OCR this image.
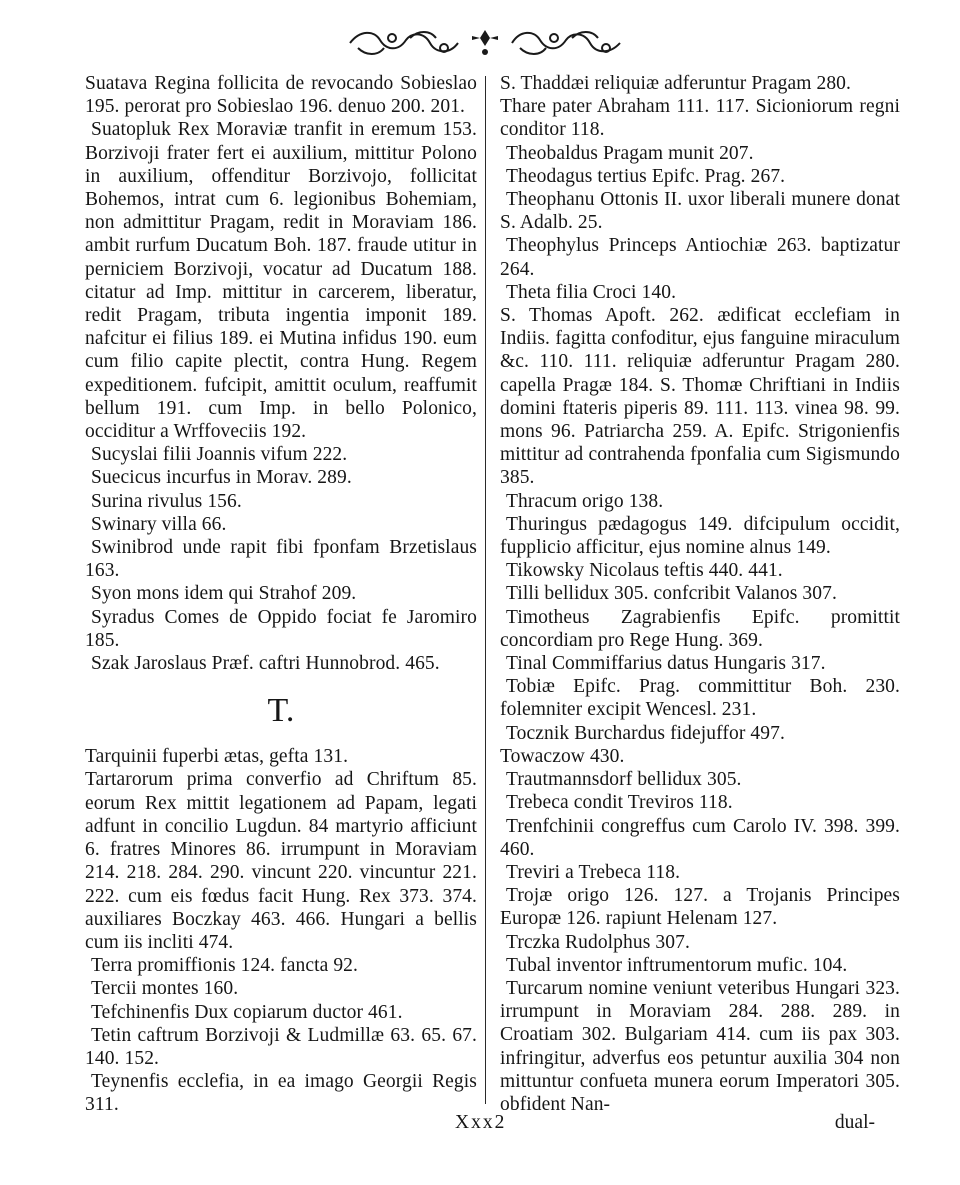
Suatava Regina follicita de revocando Sobieslao 195. perorat pro Sobieslao 196. denuo 200. 201.

Suatopluk Rex Moraviæ tranfit in eremum 153. Borzivoji frater fert ei auxilium, mittitur Polono in auxilium, offenditur Borzivojo, follicitat Bohemos, intrat cum 6. legionibus Bohemiam, non admittitur Pragam, redit in Moraviam 186. ambit rurfum Ducatum Boh. 187. fraude utitur in perniciem Borzivoji, vocatur ad Ducatum 188. citatur ad Imp. mittitur in carcerem, liberatur, redit Pragam, tributa ingentia imponit 189. nafcitur ei filius 189. ei Mutina infidus 190. eum cum filio capite plectit, contra Hung. Regem expeditionem. fufcipit, amittit oculum, reaffumit bellum 191. cum Imp. in bello Polonico, occiditur a Wrffoveciis 192.

Sucyslai filii Joannis vifum 222.

Suecicus incurfus in Morav. 289.

Surina rivulus 156.

Swinary villa 66.

Swinibrod unde rapit fibi fponfam Brzetislaus 163.

Syon mons idem qui Strahof 209.

Syradus Comes de Oppido fociat fe Jaromiro 185.

Szak Jaroslaus Præf. caftri Hunnobrod. 465.

T.

Tarquinii fuperbi ætas, gefta 131.

Tartarorum prima converfio ad Chriftum 85. eorum Rex mittit legationem ad Papam, legati adfunt in concilio Lugdun. 84 martyrio afficiunt 6. fratres Minores 86. irrumpunt in Moraviam 214. 218. 284. 290. vincunt 220. vincuntur 221. 222. cum eis fœdus facit Hung. Rex 373. 374. auxiliares Boczkay 463. 466. Hungari a bellis cum iis incliti 474.

Terra promiffionis 124. fancta 92.

Tercii montes 160.

Tefchinenfis Dux copiarum ductor 461.

Tetin caftrum Borzivoji & Ludmillæ 63. 65. 67. 140. 152.

Teynenfis ecclefia, in ea imago Georgii Regis 311.

S. Thaddæi reliquiæ adferuntur Pragam 280.

Thare pater Abraham 111. 117. Sicioniorum regni conditor 118.

Theobaldus Pragam munit 207.

Theodagus tertius Epifc. Prag. 267.

Theophanu Ottonis II. uxor liberali munere donat S. Adalb. 25.

Theophylus Princeps Antiochiæ 263. baptizatur 264.

Theta filia Croci 140.

S. Thomas Apoft. 262. ædificat ecclefiam in Indiis. fagitta confoditur, ejus fanguine miraculum &c. 110. 111. reliquiæ adferuntur Pragam 280. capella Pragæ 184. S. Thomæ Chriftiani in Indiis domini ftateris piperis 89. 111. 113. vinea 98. 99. mons 96. Patriarcha 259. A. Epifc. Strigonienfis mittitur ad contrahenda fponfalia cum Sigismundo 385.

Thracum origo 138.

Thuringus pædagogus 149. difcipulum occidit, fupplicio afficitur, ejus nomine alnus 149.

Tikowsky Nicolaus teftis 440. 441.

Tilli bellidux 305. confcribit Valanos 307.

Timotheus Zagrabienfis Epifc. promittit concordiam pro Rege Hung. 369.

Tinal Commiffarius datus Hungaris 317.

Tobiæ Epifc. Prag. committitur Boh. 230. folemniter excipit Wencesl. 231.

Tocznik Burchardus fidejuffor 497.

Towaczow 430.

Trautmannsdorf bellidux 305.

Trebeca condit Treviros 118.

Trenfchinii congreffus cum Carolo IV. 398. 399. 460.

Treviri a Trebeca 118.

Trojæ origo 126. 127. a Trojanis Principes Europæ 126. rapiunt Helenam 127.

Trczka Rudolphus 307.

Tubal inventor inftrumentorum mufic. 104.

Turcarum nomine veniunt veteribus Hungari 323. irrumpunt in Moraviam 284. 288. 289. in Croatiam 302. Bulgariam 414. cum iis pax 303. infringitur, adverfus eos petuntur auxilia 304 non mittuntur confueta munera eorum Imperatori 305. obfident Nan-

Xxx2	dual-
